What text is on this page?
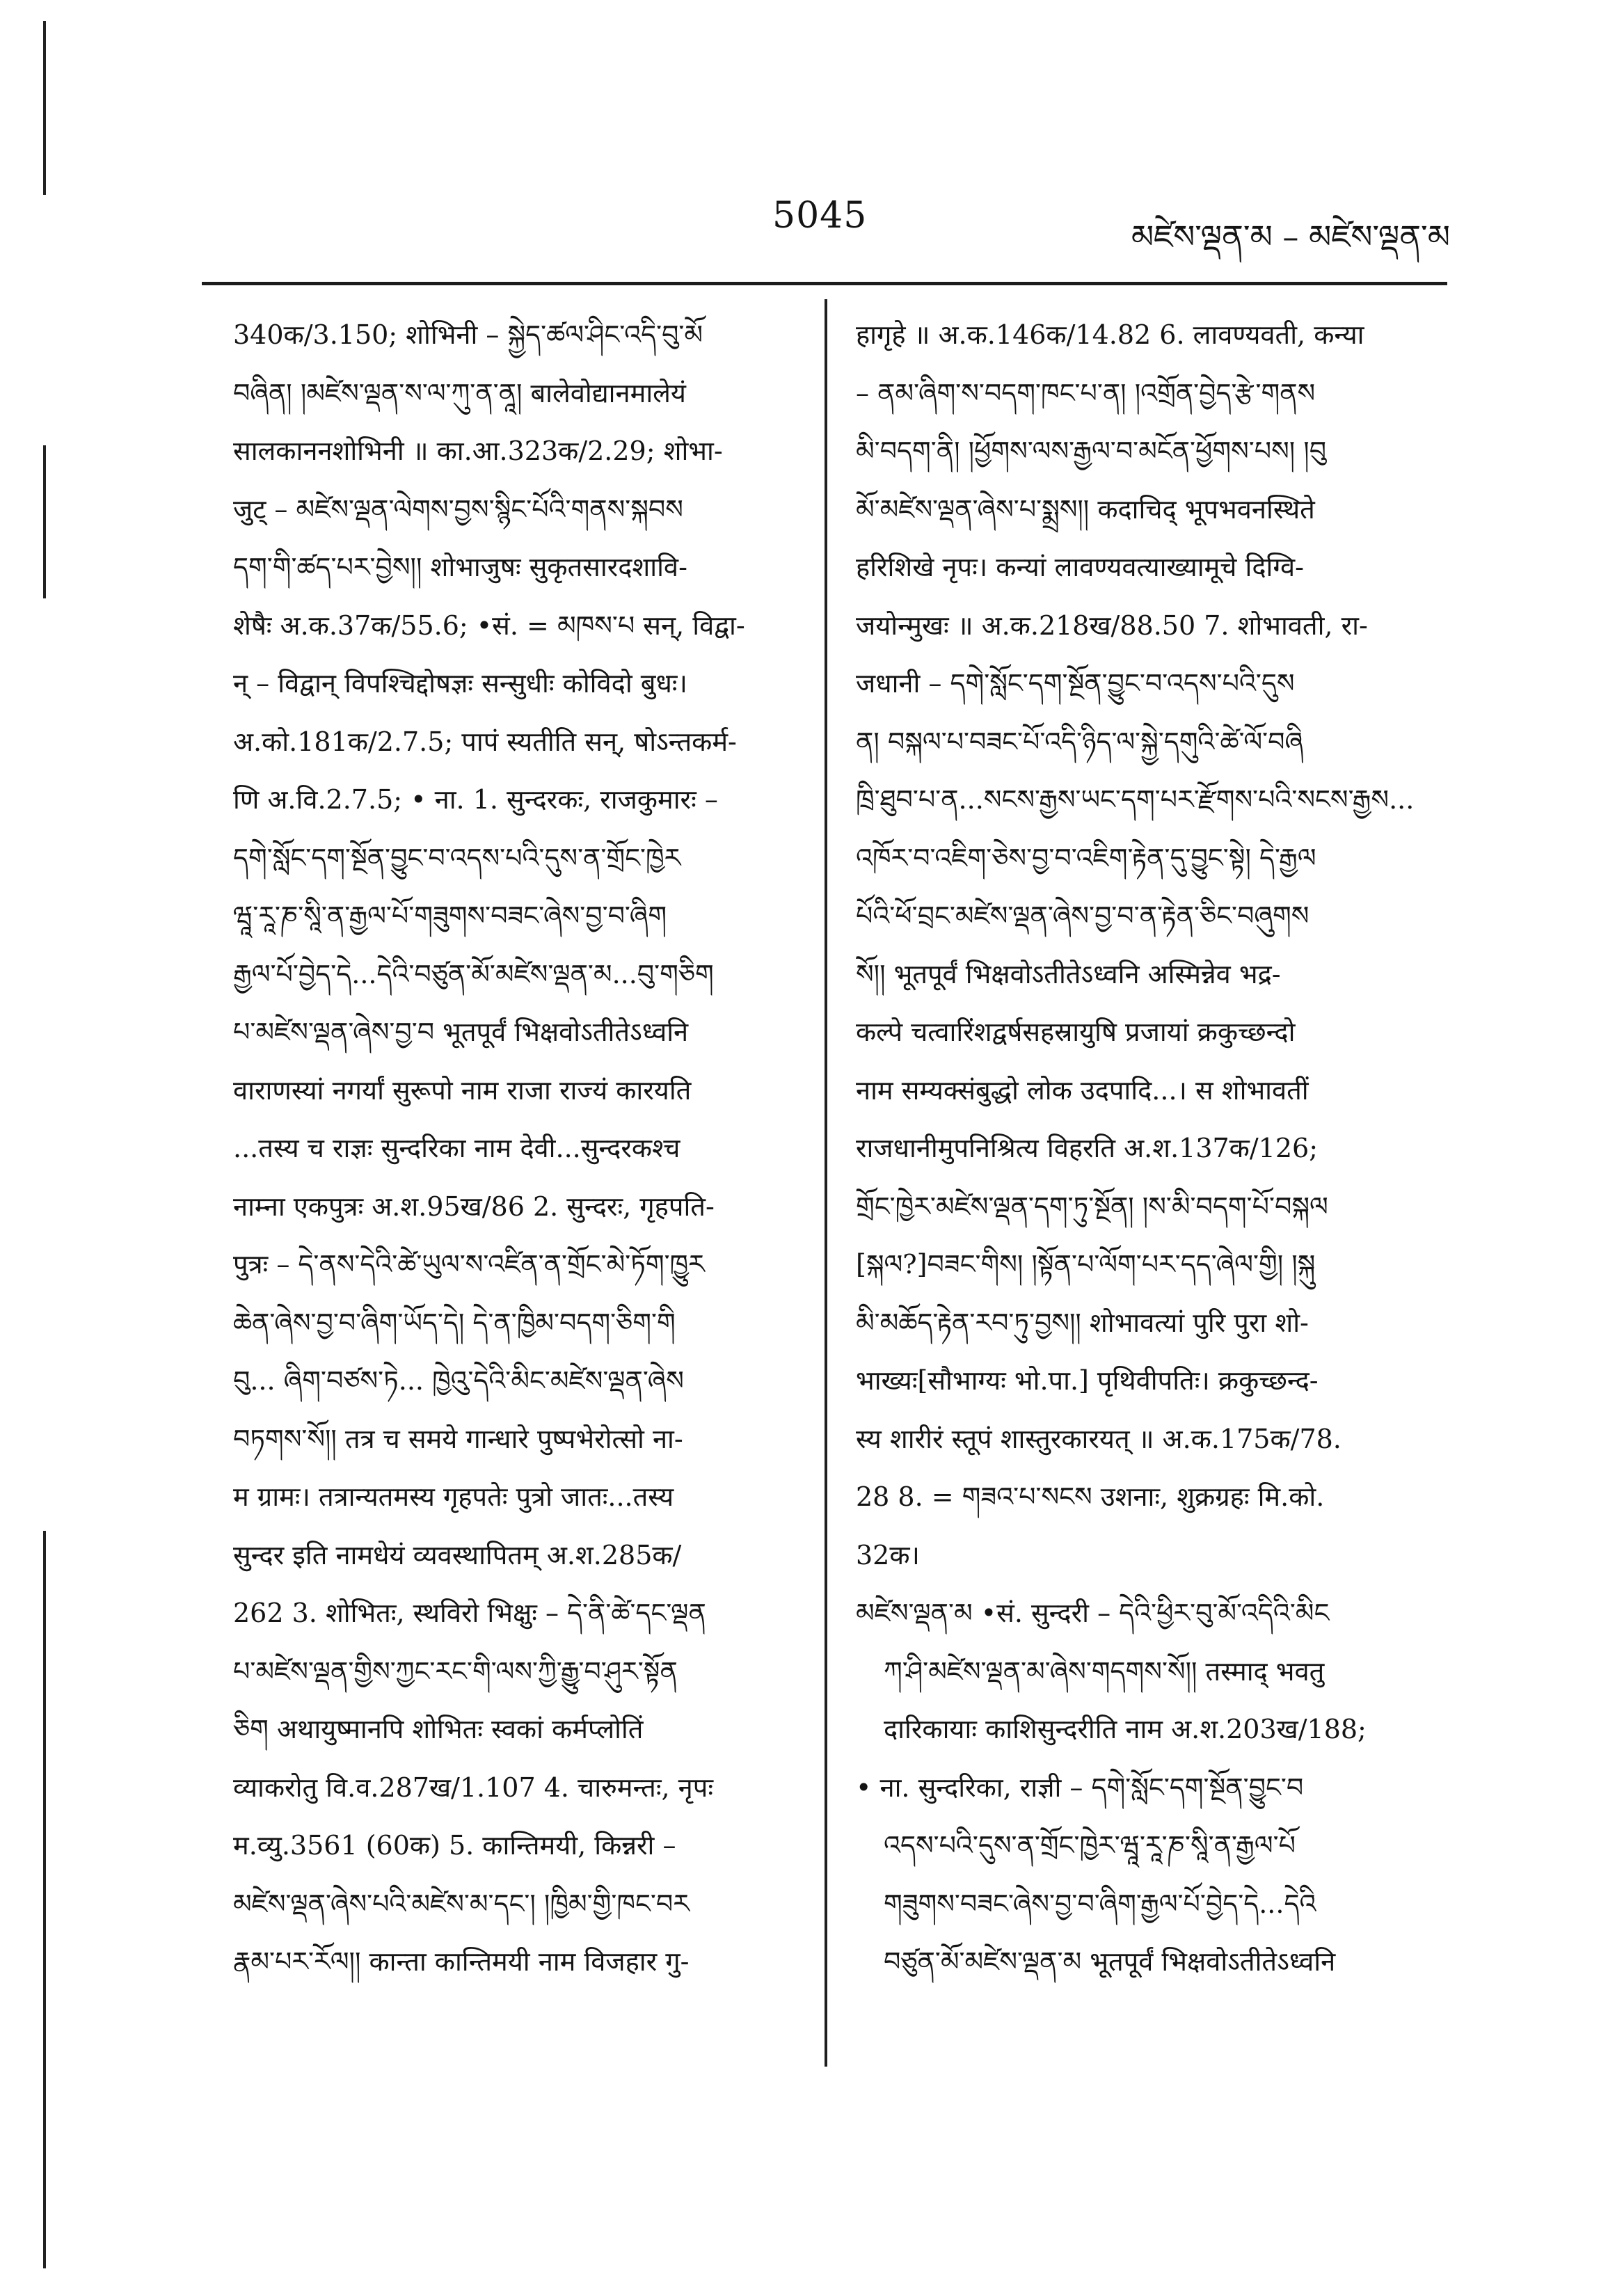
5045	མཛེས་ལྡན་མ – མཛེས་ལྡན་མ
340क/3.150; शोभिनी – སྐྱེད་ཚལ་ཤིང་འདི་བུ་མོ
བཞིན། །མཛེས་ལྡན་ས་ལ་ཀུ་ན་ནཱ། बालेवोद्यानमालेयं
सालकाननशोभिनी ॥ का.आ.323क/2.29; शोभा-
जुट् – མཛེས་ལྡན་ལེགས་བྱས་སྙིང་པོའི་གནས་སྐབས
དག་གི་ཚད་པར་བྱེས།། शोभाजुषः सुकृतसारदशावि-
शेषैः अ.क.37क/55.6; •सं. = མཁས་པ सन्, विद्वा-
न् – विद्वान् विपश्चिद्दोषज्ञः सन्सुधीः कोविदो बुधः।
अ.को.181क/2.7.5; पापं स्यतीति सन्, षोऽन्तकर्म-
णि अ.वि.2.7.5; • ना. 1. सुन्दरकः, राजकुमारः –
དགེ་སློང་དག་སྔོན་བྱུང་བ་འདས་པའི་དུས་ན་གྲོང་ཁྱེར
ཝཱ་རཱ་ཎ་སཱི་ན་རྒྱལ་པོ་གཟུགས་བཟང་ཞེས་བྱ་བ་ཞིག
རྒྱལ་པོ་བྱེད་དེ...དེའི་བཙུན་མོ་མཛེས་ལྡན་མ...བུ་གཅིག
པ་མཛེས་ལྡན་ཞེས་བྱ་བ भूतपूर्वं भिक्षवोऽतीतेऽध्वनि
वाराणस्यां नगर्यां सुरूपो नाम राजा राज्यं कारयति
...तस्य च राज्ञः सुन्दरिका नाम देवी...सुन्दरकश्च
नाम्ना एकपुत्रः अ.श.95ख/86 2. सुन्दरः, गृहपति-
पुत्रः – དེ་ནས་དེའི་ཚེ་ཡུལ་ས་འཛིན་ན་གྲོང་མེ་ཏོག་ཁྱུར
ཆེན་ཞེས་བྱ་བ་ཞིག་ཡོད་དེ། དེ་ན་ཁྱིམ་བདག་ཅིག་གི
བུ... ཞིག་བཙས་ཏེ... ཁྱེའུ་དེའི་མིང་མཛེས་ལྡན་ཞེས
བཏགས་སོ།། तत्र च समये गान्धारे पुष्पभेरोत्सो ना-
म ग्रामः। तत्रान्यतमस्य गृहपतेः पुत्रो जातः...तस्य
सुन्दर इति नामधेयं व्यवस्थापितम् अ.श.285क/
262 3. शोभितः, स्थविरो भिक्षुः – དེ་ནི་ཚེ་དང་ལྡན
པ་མཛེས་ལྡན་གྱིས་ཀྱང་རང་གི་ལས་ཀྱི་རྒྱུ་བ་ཤུར་སྟོན
ཅིག अथायुष्मानपि शोभितः स्वकां कर्मप्लोतिं
व्याकरोतु वि.व.287ख/1.107 4. चारुमन्तः, नृपः
म.व्यु.3561 (60क) 5. कान्तिमयी, किन्नरी –
མཛེས་ལྡན་ཞེས་པའི་མཛེས་མ་དང་། །ཁྱིམ་གྱི་ཁང་བར
རྣམ་པར་རོལ།། कान्ता कान्तिमयी नाम विजहार गु-
हागृहे ॥ अ.क.146क/14.82 6. लावण्यवती, कन्या
– ནམ་ཞིག་ས་བདག་ཁང་པ་ན། །འགྲོན་བྱེད་རྩེ་གནས
མི་བདག་ནི། །ཕྱོགས་ལས་རྒྱལ་བ་མངོན་ཕྱོགས་པས། །བུ
མོ་མཛེས་ལྡན་ཞེས་པ་སྨྲས།། कदाचिद् भूपभवनस्थिते
हरिशिखे नृपः। कन्यां लावण्यवत्याख्यामूचे दिग्वि-
जयोन्मुखः ॥ अ.क.218ख/88.50 7. शोभावती, रा-
जधानी – དགེ་སློང་དག་སྔོན་བྱུང་བ་འདས་པའི་དུས
ན། བསྐལ་པ་བཟང་པོ་འདི་ཉིད་ལ་སྐྱེ་དགུའི་ཚེ་ལོ་བཞི
ཁྲི་ཐུབ་པ་ན...སངས་རྒྱས་ཡང་དག་པར་རྫོགས་པའི་སངས་རྒྱས...
འཁོར་བ་འཇིག་ཅེས་བྱ་བ་འཇིག་རྟེན་དུ་བྱུང་སྟེ། དེ་རྒྱལ
པོའི་ཕོ་བྲང་མཛེས་ལྡན་ཞེས་བྱ་བ་ན་རྟེན་ཅིང་བཞུགས
སོ།། भूतपूर्वं भिक्षवोऽतीतेऽध्वनि अस्मिन्नेव भद्र-
कल्पे चत्वारिंशद्वर्षसहस्रायुषि प्रजायां क्रकुच्छन्दो
नाम सम्यक्संबुद्धो लोक उदपादि...। स शोभावतीं
राजधानीमुपनिश्रित्य विहरति अ.श.137क/126;
གྲོང་ཁྱེར་མཛེས་ལྡན་དག་ཏུ་སྔོན། །ས་མི་བདག་པོ་བསྐལ
[སྐལ?]བཟང་གིས། །སྟོན་པ་ལོག་པར་དད་ཞེལ་གྱི། །སྐུ
མི་མཆོད་རྟེན་རབ་ཏུ་བྱས།། शोभावत्यां पुरि पुरा शो-
भाख्यः[सौभाग्यः भो.पा.] पृथिवीपतिः। क्रकुच्छन्द-
स्य शारीरं स्तूपं शास्तुरकारयत् ॥ अ.क.175क/78.
28 8. = གཟའ་པ་སངས उशनाः, शुक्रग्रहः मि.को.
32क।
མཛེས་ལྡན་མ •सं. सुन्दरी – དེའི་ཕྱིར་བུ་མོ་འདིའི་མིང
ཀ་ཤི་མཛེས་ལྡན་མ་ཞེས་གདགས་སོ།། तस्माद् भवतु
दारिकायाः काशिसुन्दरीति नाम अ.श.203ख/188;
• ना. सुन्दरिका, राज्ञी – དགེ་སློང་དག་སྔོན་བྱུང་བ
འདས་པའི་དུས་ན་གྲོང་ཁྱེར་ཝཱ་རཱ་ཎ་སཱི་ན་རྒྱལ་པོ
གཟུགས་བཟང་ཞེས་བྱ་བ་ཞིག་རྒྱལ་པོ་བྱེད་དེ...དེའི
བཙུན་མོ་མཛེས་ལྡན་མ भूतपूर्वं भिक्षवोऽतीतेऽध्वनि
